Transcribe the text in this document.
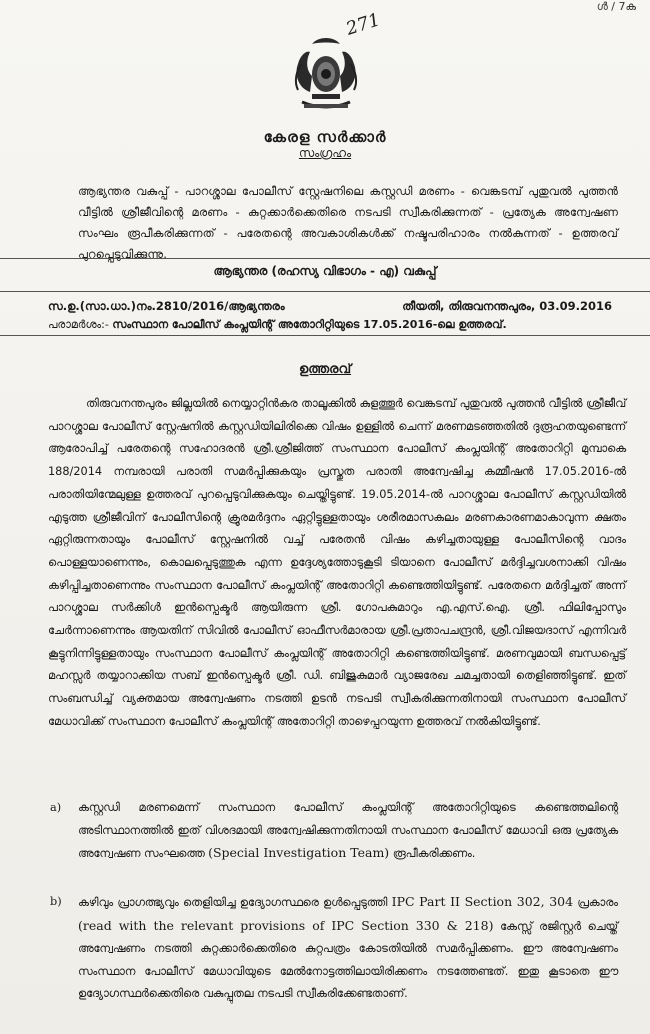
ള്‍ / 7ക
271
കേരള സർക്കാർ
സംഗ്രഹം
ആഭ്യന്തര വകുപ്പ് - പാറശ്ശാല പോലീസ് സ്റ്റേഷനിലെ കസ്റ്റഡി മരണം - വെങ്കടമ്പ് പുതുവൽ പുത്തൻ വീട്ടിൽ ശ്രീജീവിന്റെ മരണം - കുറ്റക്കാർക്കെതിരെ നടപടി സ്വീകരിക്കുന്നത് - പ്രത്യേക അന്വേഷണ സംഘം രൂപീകരിക്കുന്നത് - പരേതന്റെ അവകാശികൾക്ക് നഷ്ടപരിഹാരം നൽകുന്നത് - ഉത്തരവ് പുറപ്പെടുവിക്കുന്നു.
ആഭ്യന്തര (രഹസ്യ വിഭാഗം - എ) വകുപ്പ്
സ.ഉ.(സാ.ധാ.)നം.2810/2016/ആഭ്യന്തരം	തീയതി, തിരുവനന്തപുരം, 03.09.2016
പരാമർശം:- സംസ്ഥാന പോലീസ് കംപ്ലയിന്റ് അതോറിറ്റിയുടെ 17.05.2016-ലെ ഉത്തരവ്.
ഉത്തരവ്

തിരുവനന്തപുരം ജില്ലയിൽ നെയ്യാറ്റിൻകര താലൂക്കിൽ കുളത്തൂർ വെങ്കടമ്പ് പുതുവൽ പുത്തൻ വീട്ടിൽ ശ്രീജീവ് പാറശ്ശാല പോലീസ് സ്റ്റേഷനിൽ കസ്റ്റഡിയിലിരിക്കെ വിഷം ഉള്ളിൽ ചെന്ന് മരണമടഞ്ഞതിൽ ദുരൂഹതയുണ്ടെന്ന് ആരോപിച്ച് പരേതന്റെ സഹോദരൻ ശ്രീ.ശ്രീജിത്ത് സംസ്ഥാന പോലീസ് കംപ്ലയിന്റ് അതോറിറ്റി മുമ്പാകെ 188/2014 നമ്പരായി പരാതി സമർപ്പിക്കുകയും പ്രസ്തുത പരാതി അന്വേഷിച്ച കമ്മീഷൻ 17.05.2016-ൽ പരാതിയിന്മേലുള്ള ഉത്തരവ് പുറപ്പെടുവിക്കുകയും ചെയ്തിട്ടുണ്ട്. 19.05.2014-ൽ പാറശ്ശാല പോലീസ് കസ്റ്റഡിയിൽ എടുത്ത ശ്രീജീവിന് പോലീസിന്റെ ക്രൂരമർദ്ദനം ഏറ്റിട്ടുള്ളതായും ശരീരമാസകലം മരണകാരണമാകാവുന്ന ക്ഷതം ഏറ്റിരുന്നതായും പോലീസ് സ്റ്റേഷനിൽ വച്ച് പരേതൻ വിഷം കഴിച്ചതായുള്ള പോലീസിന്റെ വാദം പൊള്ളയാണെന്നും, കൊലപ്പെടുത്തുക എന്ന ഉദ്ദേശ്യത്തോടുകൂടി ടിയാനെ പോലീസ് മർദ്ദിച്ചവശനാക്കി വിഷം കഴിപ്പിച്ചതാണെന്നും സംസ്ഥാന പോലീസ് കംപ്ലയിന്റ് അതോറിറ്റി കണ്ടെത്തിയിട്ടുണ്ട്. പരേതനെ മർദ്ദിച്ചത് അന്ന് പാറശ്ശാല സർക്കിൾ ഇൻസ്പെക്ടർ ആയിരുന്ന ശ്രീ. ഗോപകുമാറും എ.എസ്.ഐ. ശ്രീ. ഫിലിപ്പോസും ചേർന്നാണെന്നും ആയതിന് സിവിൽ പോലീസ് ഓഫീസർമാരായ ശ്രീ.പ്രതാപചന്ദ്രൻ, ശ്രീ.വിജയദാസ് എന്നിവർ കൂട്ടുനിന്നിട്ടുള്ളതായും സംസ്ഥാന പോലീസ് കംപ്ലയിന്റ് അതോറിറ്റി കണ്ടെത്തിയിട്ടുണ്ട്. മരണവുമായി ബന്ധപ്പെട്ട് മഹസ്സർ തയ്യാറാക്കിയ സബ് ഇൻസ്പെക്ടർ ശ്രീ. ഡി. ബിജുകുമാർ വ്യാജരേഖ ചമച്ചതായി തെളിഞ്ഞിട്ടുണ്ട്. ഇത് സംബന്ധിച്ച് വ്യക്തമായ അന്വേഷണം നടത്തി ഉടൻ നടപടി സ്വീകരിക്കുന്നതിനായി സംസ്ഥാന പോലീസ് മേധാവിക്ക് സംസ്ഥാന പോലീസ് കംപ്ലയിന്റ് അതോറിറ്റി താഴെപ്പറയുന്ന ഉത്തരവ് നൽകിയിട്ടുണ്ട്.

a) കസ്റ്റഡി മരണമെന്ന് സംസ്ഥാന പോലീസ് കംപ്ലയിന്റ് അതോറിറ്റിയുടെ കണ്ടെത്തലിന്റെ അടിസ്ഥാനത്തിൽ ഇത് വിശദമായി അന്വേഷിക്കുന്നതിനായി സംസ്ഥാന പോലീസ് മേധാവി ഒരു പ്രത്യേക അന്വേഷണ സംഘത്തെ (Special Investigation Team) രൂപീകരിക്കണം.
b) കഴിവും പ്രാഗത്ഭ്യവും തെളിയിച്ച ഉദ്യോഗസ്ഥരെ ഉൾപ്പെടുത്തി IPC Part II Section 302, 304 പ്രകാരം (read with the relevant provisions of IPC Section 330 & 218) കേസ്സ് രജിസ്റ്റർ ചെയ്ത് അന്വേഷണം നടത്തി കുറ്റക്കാർക്കെതിരെ കുറ്റപത്രം കോടതിയിൽ സമർപ്പിക്കണം. ഈ അന്വേഷണം സംസ്ഥാന പോലീസ് മേധാവിയുടെ മേൽനോട്ടത്തിലായിരിക്കണം നടത്തേണ്ടത്. ഇതു കൂടാതെ ഈ ഉദ്യോഗസ്ഥർക്കെതിരെ വകുപ്പുതല നടപടി സ്വീകരിക്കേണ്ടതാണ്.
